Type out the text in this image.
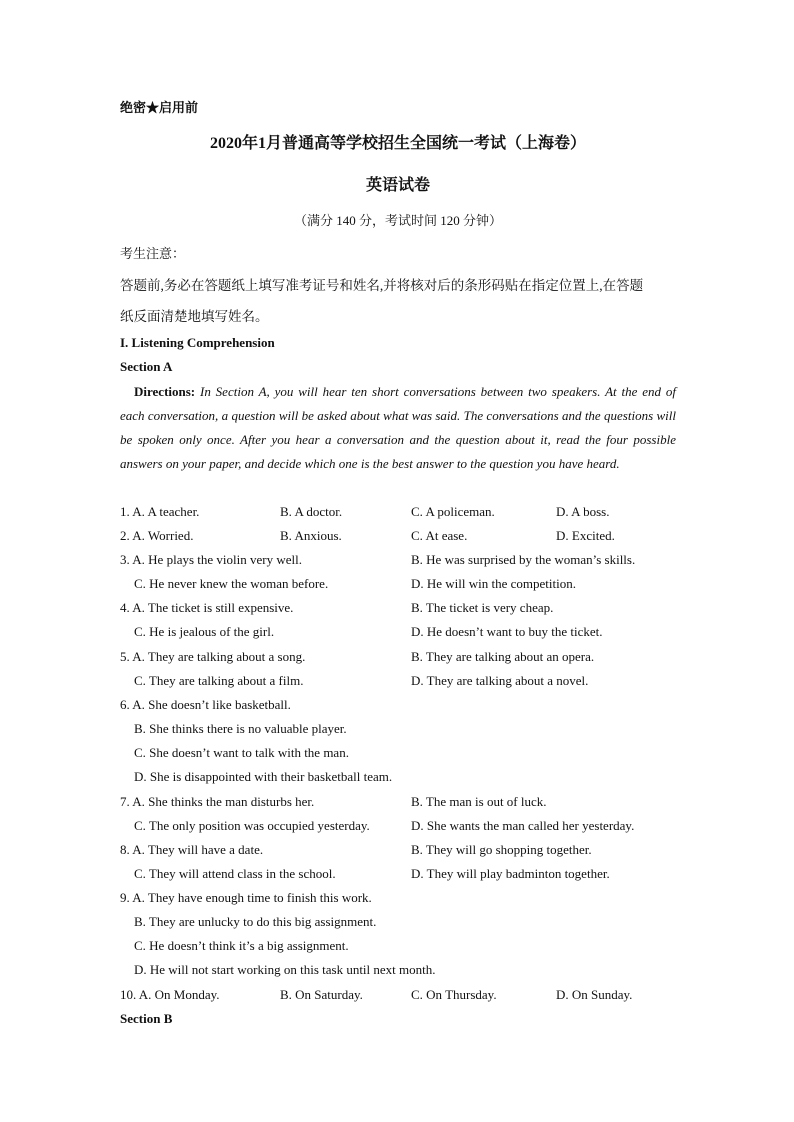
绝密★启用前
2020年1月普通高等学校招生全国统一考试（上海卷）
英语试卷
（满分 140 分，考试时间 120 分钟）
考生注意：
答题前,务必在答题纸上填写准考证号和姓名,并将核对后的条形码贴在指定位置上,在答题
纸反面清楚地填写姓名。
I. Listening Comprehension
Section A
Directions: In Section A, you will hear ten short conversations between two speakers. At the end of each conversation, a question will be asked about what was said. The conversations and the questions will be spoken only once. After you hear a conversation and the question about it, read the four possible answers on your paper, and decide which one is the best answer to the question you have heard.
1. A. A teacher.	B. A doctor.	C. A policeman.	D. A boss.
2. A. Worried.	B. Anxious.	C. At ease.	D. Excited.
3. A. He plays the violin very well.	B. He was surprised by the woman’s skills.
C. He never knew the woman before.	D. He will win the competition.
4. A. The ticket is still expensive.	B. The ticket is very cheap.
C. He is jealous of the girl.	D. He doesn’t want to buy the ticket.
5. A. They are talking about a song.	B. They are talking about an opera.
C. They are talking about a film.	D. They are talking about a novel.
6. A. She doesn’t like basketball.
B. She thinks there is no valuable player.
C. She doesn’t want to talk with the man.
D. She is disappointed with their basketball team.
7. A. She thinks the man disturbs her.	B. The man is out of luck.
C. The only position was occupied yesterday.	D. She wants the man called her yesterday.
8. A. They will have a date.	B. They will go shopping together.
C. They will attend class in the school.	D. They will play badminton together.
9. A. They have enough time to finish this work.
B. They are unlucky to do this big assignment.
C. He doesn’t think it’s a big assignment.
D. He will not start working on this task until next month.
10. A. On Monday.	B. On Saturday.	C. On Thursday.	D. On Sunday.
Section B
